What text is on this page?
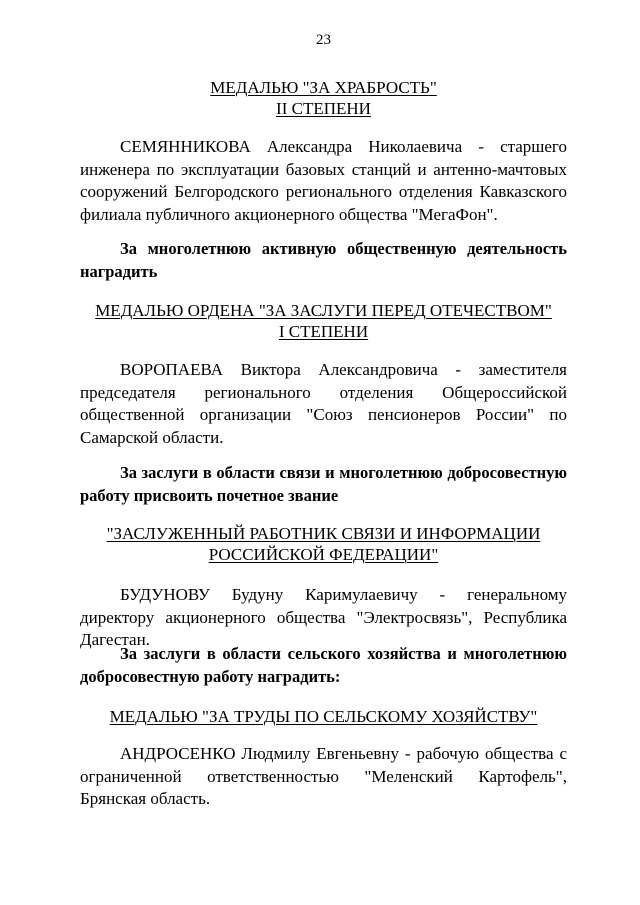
23

МЕДАЛЬЮ "ЗА ХРАБРОСТЬ"
II СТЕПЕНИ

СЕМЯННИКОВА Александра Николаевича - старшего инженера по эксплуатации базовых станций и антенно-мачтовых сооружений Белгородского регионального отделения Кавказского филиала публичного акционерного общества "МегаФон".

За многолетнюю активную общественную деятельность наградить

МЕДАЛЬЮ ОРДЕНА "ЗА ЗАСЛУГИ ПЕРЕД ОТЕЧЕСТВОМ"
I СТЕПЕНИ

ВОРОПАЕВА Виктора Александровича - заместителя председателя регионального отделения Общероссийской общественной организации "Союз пенсионеров России" по Самарской области.

За заслуги в области связи и многолетнюю добросовестную работу присвоить почетное звание

"ЗАСЛУЖЕННЫЙ РАБОТНИК СВЯЗИ И ИНФОРМАЦИИ
РОССИЙСКОЙ ФЕДЕРАЦИИ"

БУДУНОВУ Будуну Каримулаевичу - генеральному директору акционерного общества "Электросвязь", Республика Дагестан.

За заслуги в области сельского хозяйства и многолетнюю добросовестную работу наградить:

МЕДАЛЬЮ "ЗА ТРУДЫ ПО СЕЛЬСКОМУ ХОЗЯЙСТВУ"

АНДРОСЕНКО Людмилу Евгеньевну - рабочую общества с ограниченной ответственностью "Меленский Картофель", Брянская область.
